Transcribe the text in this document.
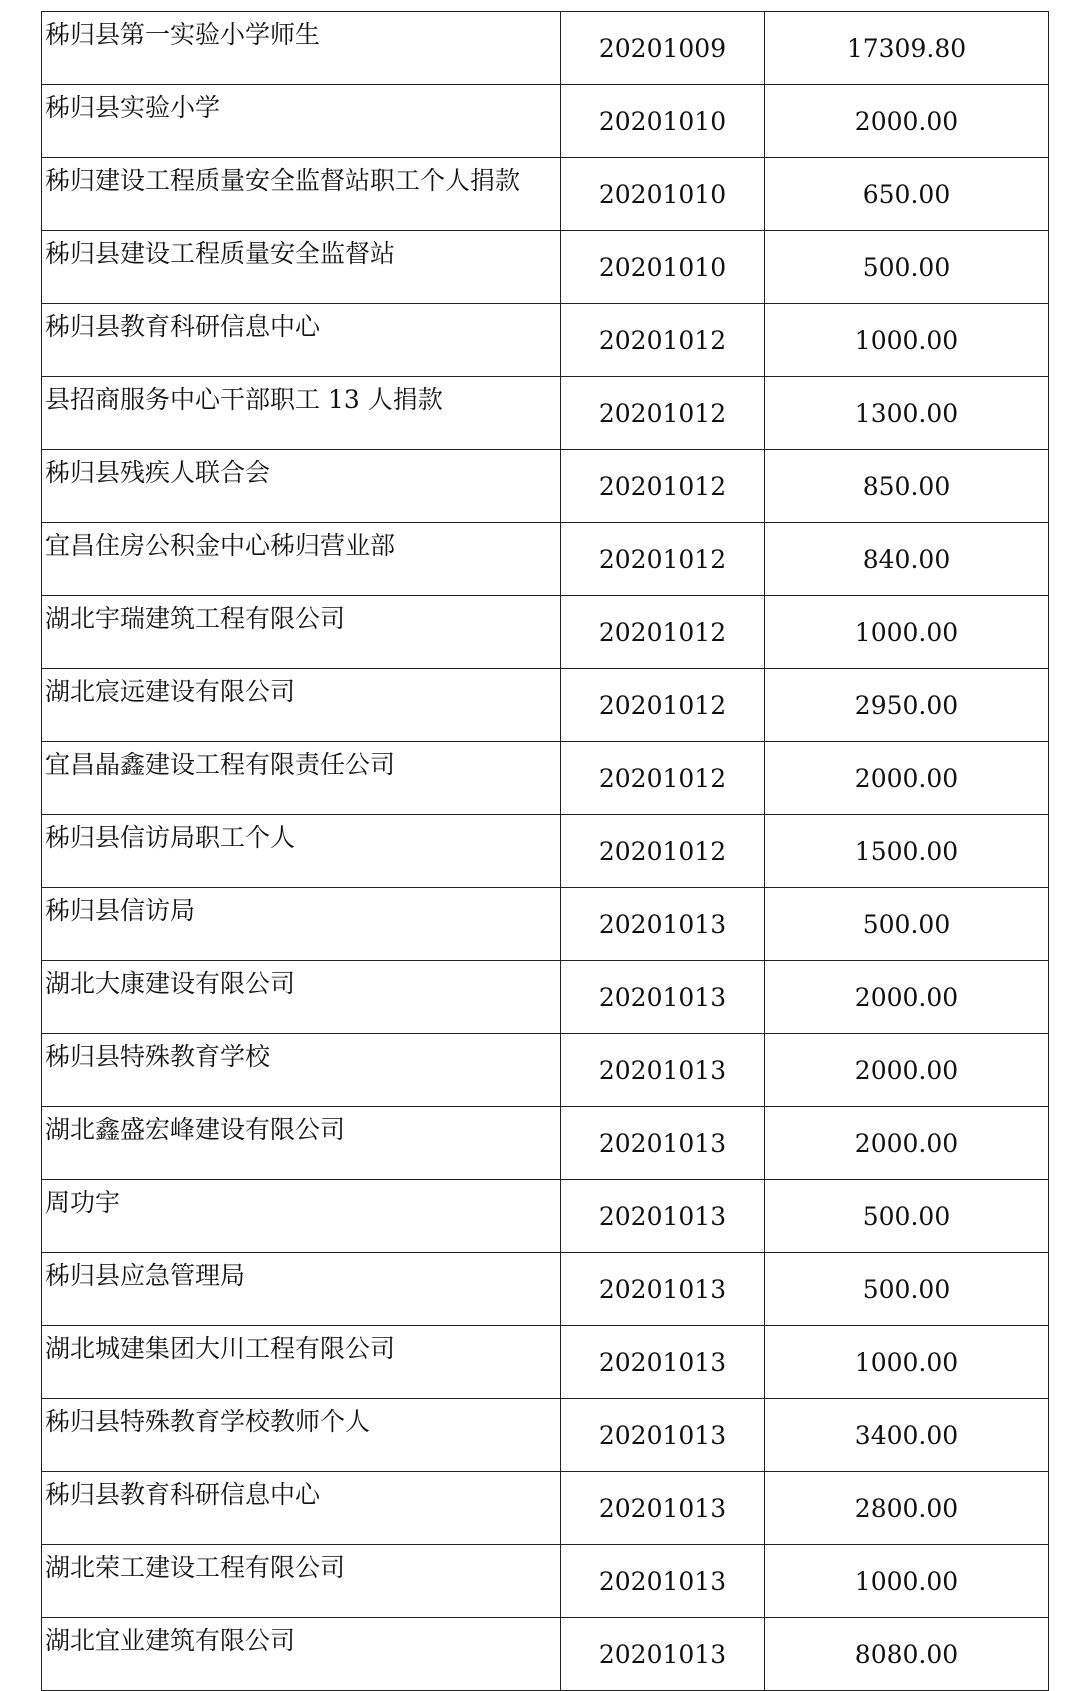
秭归县第一实验小学师生	20201009	17309.80
秭归县实验小学	20201010	2000.00
秭归建设工程质量安全监督站职工个人捐款	20201010	650.00
秭归县建设工程质量安全监督站	20201010	500.00
秭归县教育科研信息中心	20201012	1000.00
县招商服务中心干部职工 13 人捐款	20201012	1300.00
秭归县残疾人联合会	20201012	850.00
宜昌住房公积金中心秭归营业部	20201012	840.00
湖北宇瑞建筑工程有限公司	20201012	1000.00
湖北宸远建设有限公司	20201012	2950.00
宜昌晶鑫建设工程有限责任公司	20201012	2000.00
秭归县信访局职工个人	20201012	1500.00
秭归县信访局	20201013	500.00
湖北大康建设有限公司	20201013	2000.00
秭归县特殊教育学校	20201013	2000.00
湖北鑫盛宏峰建设有限公司	20201013	2000.00
周功宇	20201013	500.00
秭归县应急管理局	20201013	500.00
湖北城建集团大川工程有限公司	20201013	1000.00
秭归县特殊教育学校教师个人	20201013	3400.00
秭归县教育科研信息中心	20201013	2800.00
湖北荣工建设工程有限公司	20201013	1000.00
湖北宜业建筑有限公司	20201013	8080.00
